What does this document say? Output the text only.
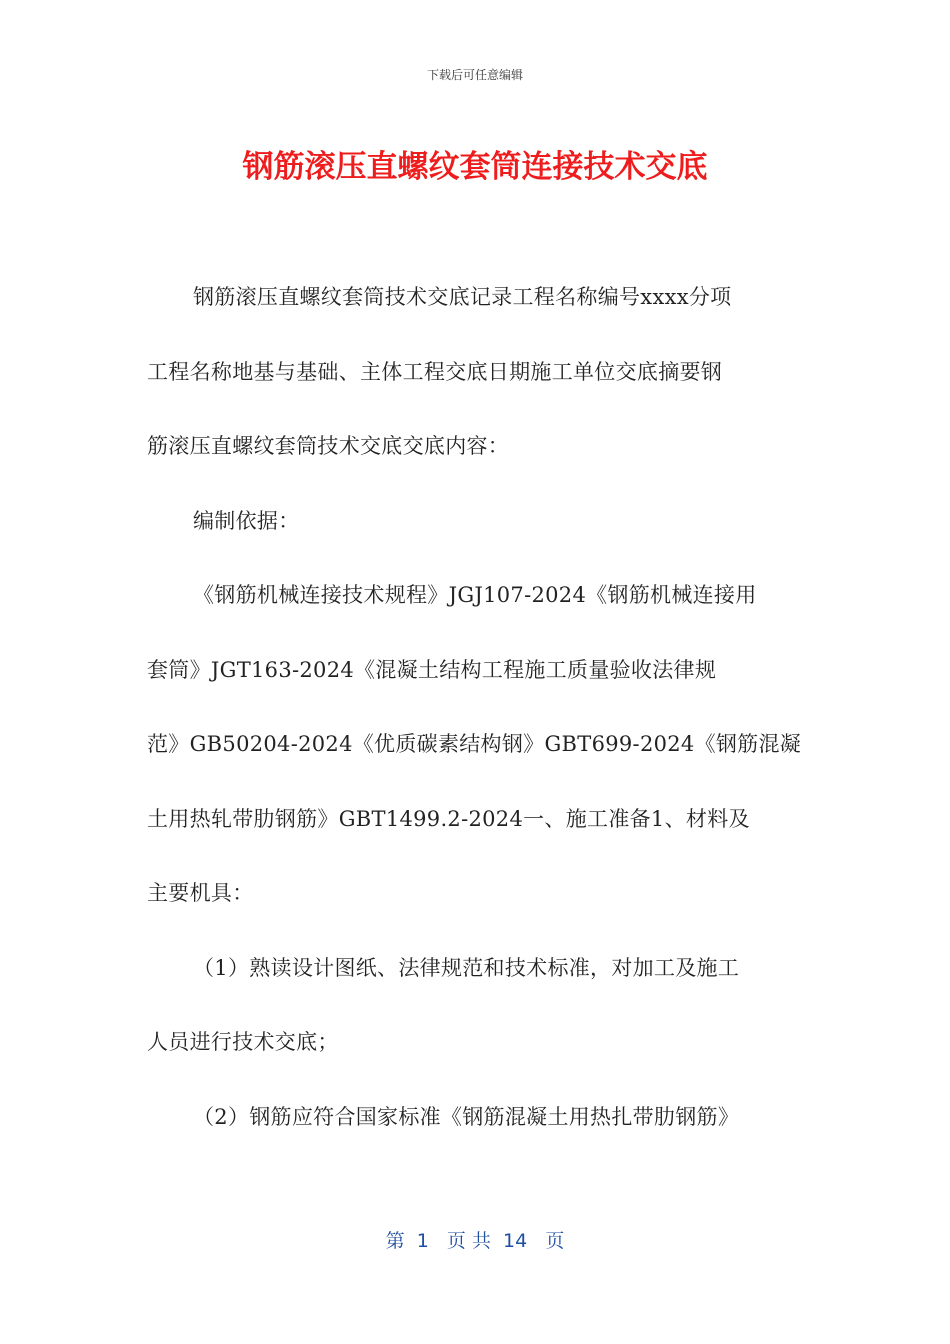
下载后可任意编辑
钢筋滚压直螺纹套筒连接技术交底
钢筋滚压直螺纹套筒技术交底记录工程名称编号xxxx分项
工程名称地基与基础、主体工程交底日期施工单位交底摘要钢
筋滚压直螺纹套筒技术交底交底内容：
编制依据：
《钢筋机械连接技术规程》JGJ107-2024《钢筋机械连接用
套筒》JGT163-2024《混凝土结构工程施工质量验收法律规
范》GB50204-2024《优质碳素结构钢》GBT699-2024《钢筋混凝
土用热轧带肋钢筋》GBT1499.2-2024一、施工准备1、材料及
主要机具：
（1）熟读设计图纸、法律规范和技术标准，对加工及施工
人员进行技术交底；
（2）钢筋应符合国家标准《钢筋混凝土用热扎带肋钢筋》
第  1   页 共  14   页
